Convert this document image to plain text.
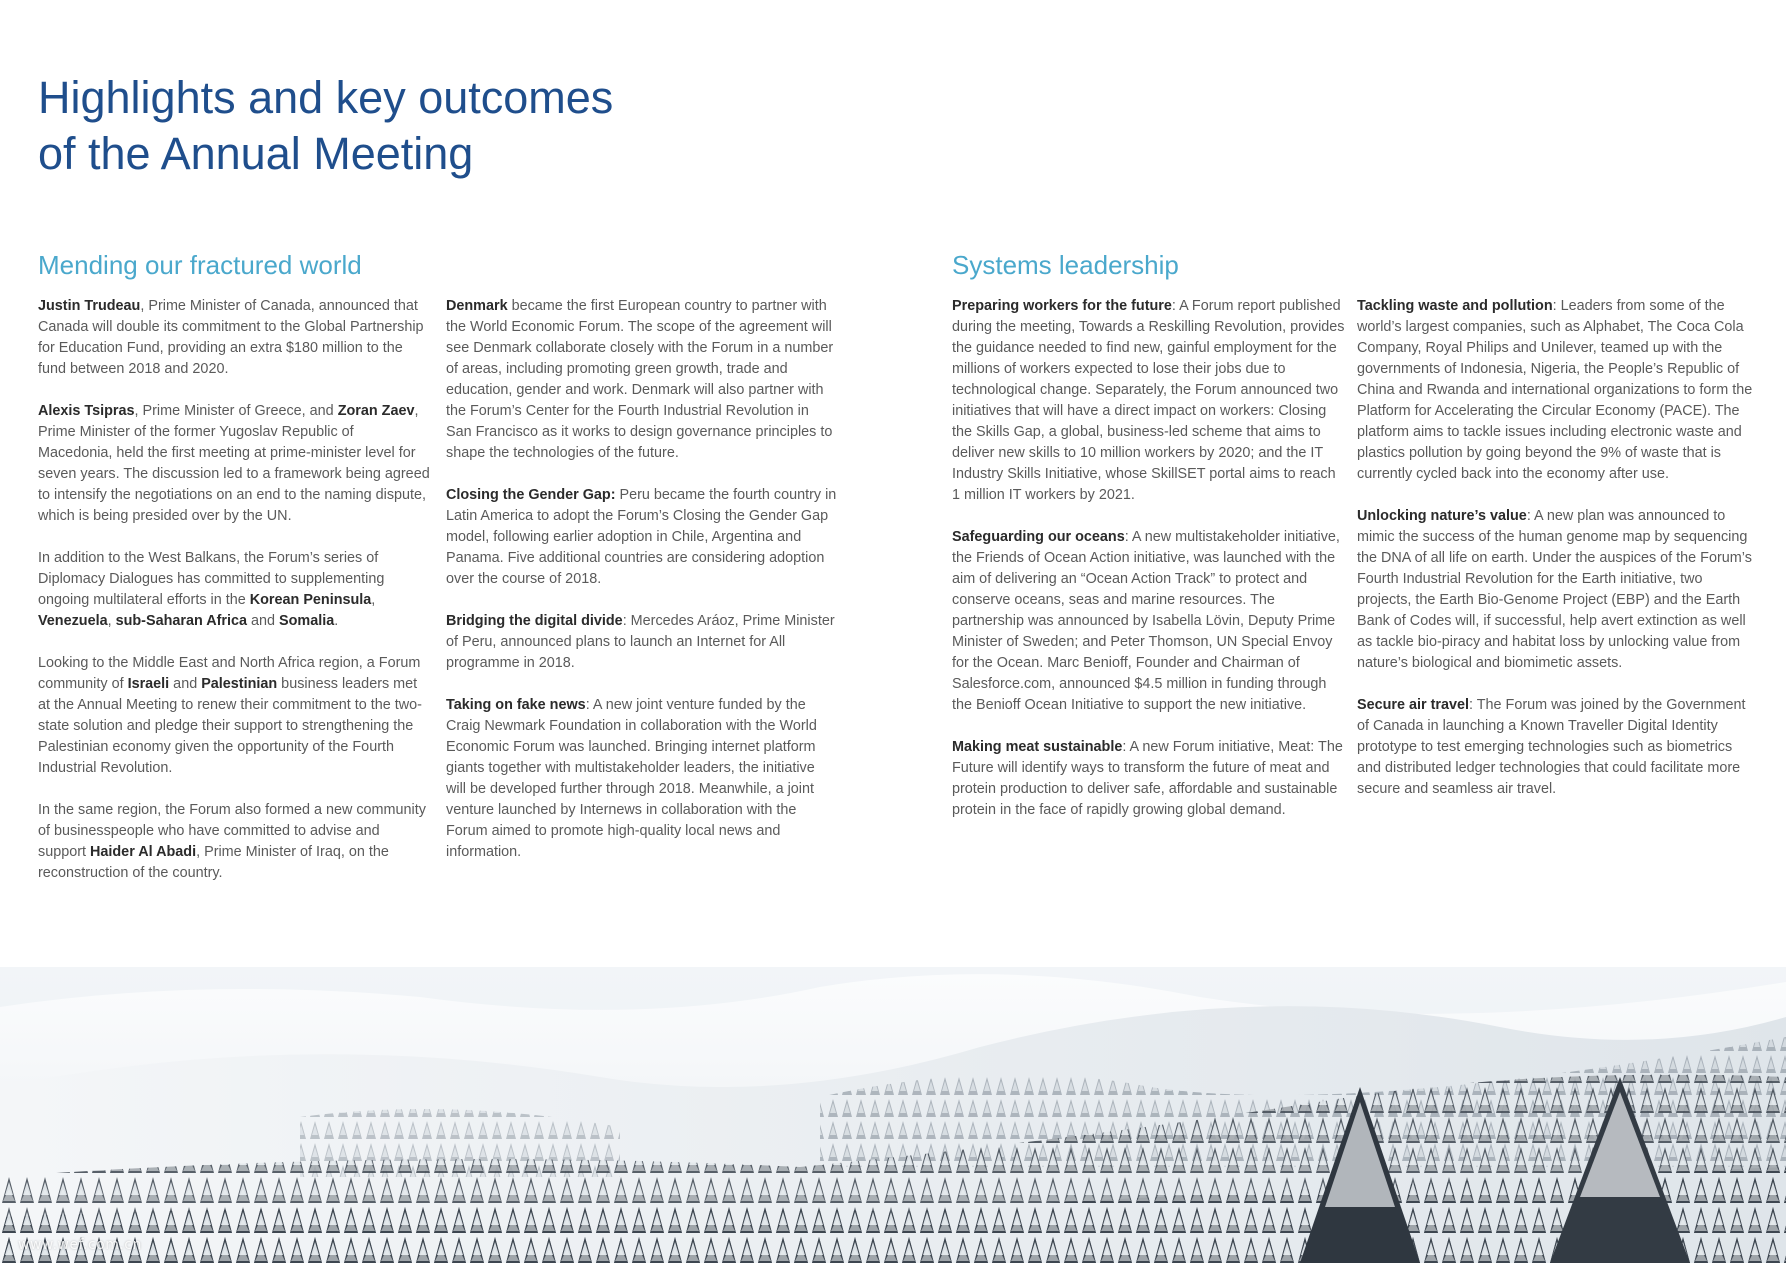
Highlights and key outcomes
of the Annual Meeting
Mending our fractured world	Systems leadership

Justin Trudeau, Prime Minister of Canada, announced that Canada will double its commitment to the Global Partnership for Education Fund, providing an extra $180 million to the fund between 2018 and 2020.

Alexis Tsipras, Prime Minister of Greece, and Zoran Zaev, Prime Minister of the former Yugoslav Republic of Macedonia, held the first meeting at prime-minister level for seven years. The discussion led to a framework being agreed to intensify the negotiations on an end to the naming dispute, which is being presided over by the UN.

In addition to the West Balkans, the Forum’s series of Diplomacy Dialogues has committed to supplementing ongoing multilateral efforts in the Korean Peninsula, Venezuela, sub-Saharan Africa and Somalia.

Looking to the Middle East and North Africa region, a Forum community of Israeli and Palestinian business leaders met at the Annual Meeting to renew their commitment to the two-state solution and pledge their support to strengthening the Palestinian economy given the opportunity of the Fourth Industrial Revolution.

In the same region, the Forum also formed a new community of businesspeople who have committed to advise and support Haider Al Abadi, Prime Minister of Iraq, on the reconstruction of the country.

Denmark became the first European country to partner with the World Economic Forum. The scope of the agreement will see Denmark collaborate closely with the Forum in a number of areas, including promoting green growth, trade and education, gender and work. Denmark will also partner with the Forum’s Center for the Fourth Industrial Revolution in San Francisco as it works to design governance principles to shape the technologies of the future.

Closing the Gender Gap: Peru became the fourth country in Latin America to adopt the Forum’s Closing the Gender Gap model, following earlier adoption in Chile, Argentina and Panama. Five additional countries are considering adoption over the course of 2018.

Bridging the digital divide: Mercedes Aráoz, Prime Minister of Peru, announced plans to launch an Internet for All programme in 2018.

Taking on fake news: A new joint venture funded by the Craig Newmark Foundation in collaboration with the World Economic Forum was launched. Bringing internet platform giants together with multistakeholder leaders, the initiative will be developed further through 2018. Meanwhile, a joint venture launched by Internews in collaboration with the Forum aimed to promote high-quality local news and information.

Preparing workers for the future: A Forum report published during the meeting, Towards a Reskilling Revolution, provides the guidance needed to find new, gainful employment for the millions of workers expected to lose their jobs due to technological change. Separately, the Forum announced two initiatives that will have a direct impact on workers: Closing the Skills Gap, a global, business-led scheme that aims to deliver new skills to 10 million workers by 2020; and the IT Industry Skills Initiative, whose SkillSET portal aims to reach 1 million IT workers by 2021.

Safeguarding our oceans: A new multistakeholder initiative, the Friends of Ocean Action initiative, was launched with the aim of delivering an “Ocean Action Track” to protect and conserve oceans, seas and marine resources. The partnership was announced by Isabella Lövin, Deputy Prime Minister of Sweden; and Peter Thomson, UN Special Envoy for the Ocean. Marc Benioff, Founder and Chairman of Salesforce.com, announced $4.5 million in funding through the Benioff Ocean Initiative to support the new initiative.

Making meat sustainable: A new Forum initiative, Meat: The Future will identify ways to transform the future of meat and protein production to deliver safe, affordable and sustainable protein in the face of rapidly growing global demand.

Tackling waste and pollution: Leaders from some of the world’s largest companies, such as Alphabet, The Coca Cola Company, Royal Philips and Unilever, teamed up with the governments of Indonesia, Nigeria, the People’s Republic of China and Rwanda and international organizations to form the Platform for Accelerating the Circular Economy (PACE). The platform aims to tackle issues including electronic waste and plastics pollution by going beyond the 9% of waste that is currently cycled back into the economy after use.

Unlocking nature’s value: A new plan was announced to mimic the success of the human genome map by sequencing the DNA of all life on earth. Under the auspices of the Forum’s Fourth Industrial Revolution for the Earth initiative, two projects, the Earth Bio-Genome Project (EBP) and the Earth Bank of Codes will, if successful, help avert extinction as well as tackle bio-piracy and habitat loss by unlocking value from nature’s biological and biomimetic assets.

Secure air travel: The Forum was joined by the Government of Canada in launching a Known Traveller Digital Identity prototype to test emerging technologies such as biometrics and distributed ledger technologies that could facilitate more secure and seamless air travel.

www.wef.com.cn
